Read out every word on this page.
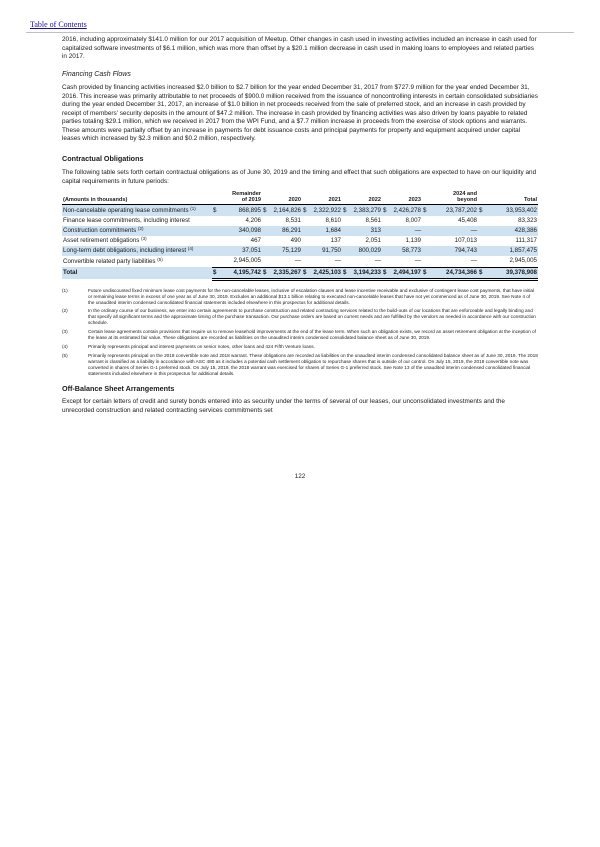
Table of Contents

2016, including approximately $141.0 million for our 2017 acquisition of Meetup. Other changes in cash used in investing activities included an increase in cash used for capitalized software investments of $6.1 million, which was more than offset by a $20.1 million decrease in cash used in making loans to employees and related parties in 2017.

Financing Cash Flows

Cash provided by financing activities increased $2.0 billion to $2.7 billion for the year ended December 31, 2017 from $727.9 million for the year ended December 31, 2016. This increase was primarily attributable to net proceeds of $900.0 million received from the issuance of noncontrolling interests in certain consolidated subsidiaries during the year ended December 31, 2017, an increase of $1.0 billion in net proceeds received from the sale of preferred stock, and an increase in cash provided by receipt of members' security deposits in the amount of $47.2 million. The increase in cash provided by financing activities was also driven by loans payable to related parties totaling $29.1 million, which we received in 2017 from the WPI Fund, and a $7.7 million increase in proceeds from the exercise of stock options and warrants. These amounts were partially offset by an increase in payments for debt issuance costs and principal payments for property and equipment acquired under capital leases which increased by $2.3 million and $0.2 million, respectively.

Contractual Obligations

The following table sets forth certain contractual obligations as of June 30, 2019 and the timing and effect that such obligations are expected to have on our liquidity and capital requirements in future periods:

(Amounts in thousands)	Remainder
of 2019	2020	2021	2022	2023	2024 and
beyond	Total
Non-cancelable operating lease commitments $^{(1)}$	$ 868,895	$ 2,164,826	$ 2,322,922	$ 2,383,279	$ 2,426,278	$ 23,787,202	$ 33,953,402
Finance lease commitments, including interest	4,206	8,531	8,610	8,561	8,007	45,408	83,323
Construction commitments $^{(2)}$	340,098	86,291	1,684	313	—	—	428,386
Asset retirement obligations $^{(3)}$	467	490	137	2,051	1,139	107,013	111,317
Long-term debt obligations, including interest $^{(4)}$	37,051	75,129	91,750	800,029	58,773	794,743	1,857,475
Convertible related party liabilities $^{(5)}$	2,945,005	—	—	—	—	—	2,945,005
Total	$ 4,195,742	$ 2,335,267	$ 2,425,103	$ 3,194,233	$ 2,494,197	$ 24,734,366	$ 39,378,908
(1)	Future undiscounted fixed minimum lease cost payments for the non-cancelable leases, inclusive of escalation clauses and lease incentive receivable and exclusive of contingent lease cost payments, that have initial or remaining lease terms in excess of one year as of June 30, 2019. Excludes an additional $13.1 billion relating to executed non-cancelable leases that have not yet commenced as of June 30, 2019. See Note 4 of the unaudited interim condensed consolidated financial statements included elsewhere in this prospectus for additional details.
(2)	In the ordinary course of our business, we enter into certain agreements to purchase construction and related contracting services related to the build-outs of our locations that are enforceable and legally binding and that specify all significant terms and the approximate timing of the purchase transaction. Our purchase orders are based on current needs and are fulfilled by the vendors as needed in accordance with our construction schedule.
(3)	Certain lease agreements contain provisions that require us to remove leasehold improvements at the end of the lease term. When such an obligation exists, we record an asset retirement obligation at the inception of the lease at its estimated fair value. These obligations are recorded as liabilities on the unaudited interim condensed consolidated balance sheet as of June 30, 2019.
(4)	Primarily represents principal and interest payments on senior notes, other loans and 424 Fifth Venture loans.
(5)	Primarily represents principal on the 2018 convertible note and 2018 warrant. These obligations are recorded as liabilities on the unaudited interim condensed consolidated balance sheet as of June 30, 2019. The 2018 warrant is classified as a liability in accordance with ASC 480 as it includes a potential cash settlement obligation to repurchase shares that is outside of our control. On July 15, 2019, the 2018 convertible note was converted in shares of Series G-1 preferred stock. On July 15, 2019, the 2018 warrant was exercised for shares of Series G-1 preferred stock. See Note 13 of the unaudited interim condensed consolidated financial statements included elsewhere in this prospectus for additional details.

Off-Balance Sheet Arrangements

Except for certain letters of credit and surety bonds entered into as security under the terms of several of our leases, our unconsolidated investments and the unrecorded construction and related contracting services commitments set

122
